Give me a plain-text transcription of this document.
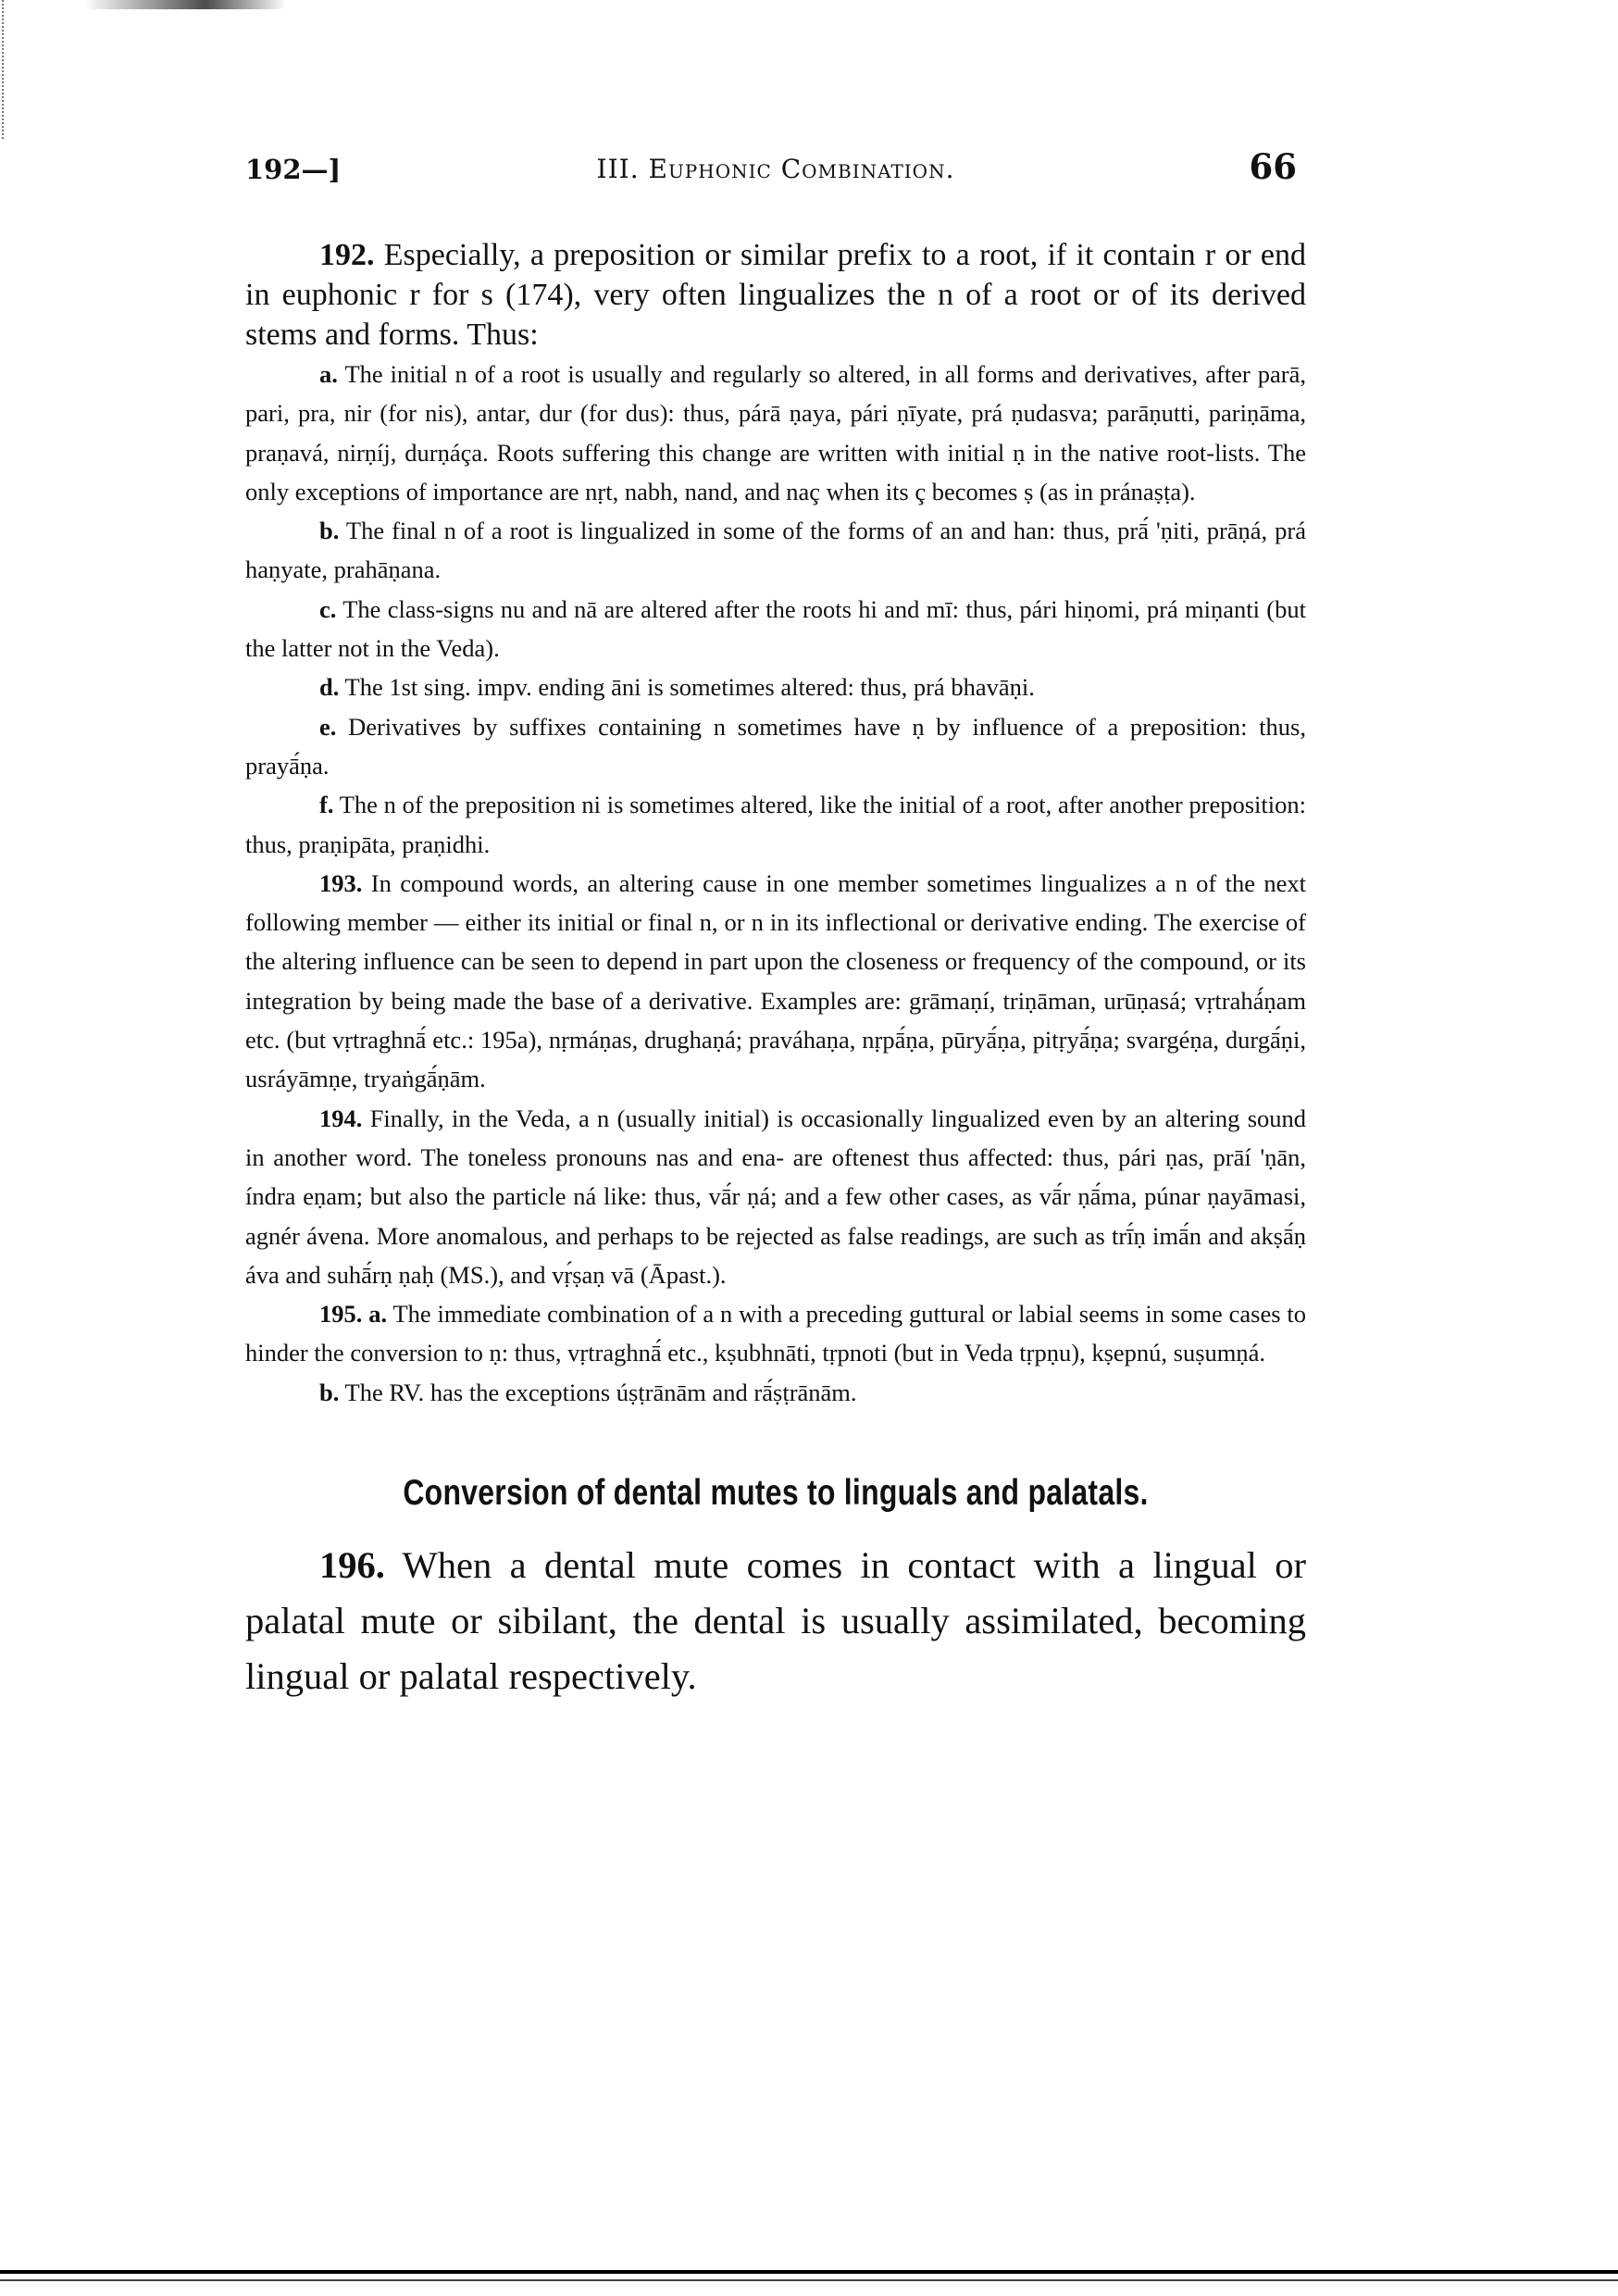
192—]	III. Euphonic Combination.	66

192. Especially, a preposition or similar prefix to a root, if it contain r or end in euphonic r for s (174), very often lingualizes the n of a root or of its derived stems and forms. Thus:

a. The initial n of a root is usually and regularly so altered, in all forms and derivatives, after parā, pari, pra, nir (for nis), antar, dur (for dus): thus, párā ṇaya, pári ṇīyate, prá ṇudasva; parāṇutti, pariṇāma, praṇavá, nirṇíj, durṇáça. Roots suffering this change are written with initial ṇ in the native root-lists. The only exceptions of importance are nṛt, nabh, nand, and naç when its ç becomes ṣ (as in pránaṣṭa).

b. The final n of a root is lingualized in some of the forms of an and han: thus, prā́ 'ṇiti, prāṇá, prá haṇyate, prahāṇana.

c. The class-signs nu and nā are altered after the roots hi and mī: thus, pári hiṇomi, prá miṇanti (but the latter not in the Veda).

d. The 1st sing. impv. ending āni is sometimes altered: thus, prá bhavāṇi.

e. Derivatives by suffixes containing n sometimes have ṇ by influence of a preposition: thus, prayā́ṇa.

f. The n of the preposition ni is sometimes altered, like the initial of a root, after another preposition: thus, praṇipāta, praṇidhi.

193. In compound words, an altering cause in one member sometimes lingualizes a n of the next following member — either its initial or final n, or n in its inflectional or derivative ending. The exercise of the altering influence can be seen to depend in part upon the closeness or frequency of the compound, or its integration by being made the base of a derivative. Examples are: grāmaṇí, triṇāman, urūṇasá; vṛtrahá́ṇam etc. (but vṛtraghnā́ etc.: 195a), nṛmáṇas, drughaṇá; praváhaṇa, nṛpā́ṇa, pūryā́ṇa, pitṛyā́ṇa; svargéṇa, durgā́ṇi, usráyāmṇe, tryaṅgā́ṇām.

194. Finally, in the Veda, a n (usually initial) is occasionally lingualized even by an altering sound in another word. The toneless pronouns nas and ena- are oftenest thus affected: thus, pári ṇas, prāí 'ṇān, índra eṇam; but also the particle ná like: thus, vā́r ṇá; and a few other cases, as vā́r ṇā́ma, púnar ṇayāmasi, agnér ávena. More anomalous, and perhaps to be rejected as false readings, are such as trī́ṇ imā́n and akṣā́ṇ áva and suhā́rṇ ṇaḥ (MS.), and vṛ́ṣaṇ vā (Āpast.).

195. a. The immediate combination of a n with a preceding guttural or labial seems in some cases to hinder the conversion to ṇ: thus, vṛtraghnā́ etc., kṣubhnāti, tṛpnoti (but in Veda tṛpṇu), kṣepnú, suṣumṇá.

b. The RV. has the exceptions úṣṭrānām and rā́ṣṭrānām.

Conversion of dental mutes to linguals and palatals.

196. When a dental mute comes in contact with a lingual or palatal mute or sibilant, the dental is usually assimilated, becoming lingual or palatal respectively.
